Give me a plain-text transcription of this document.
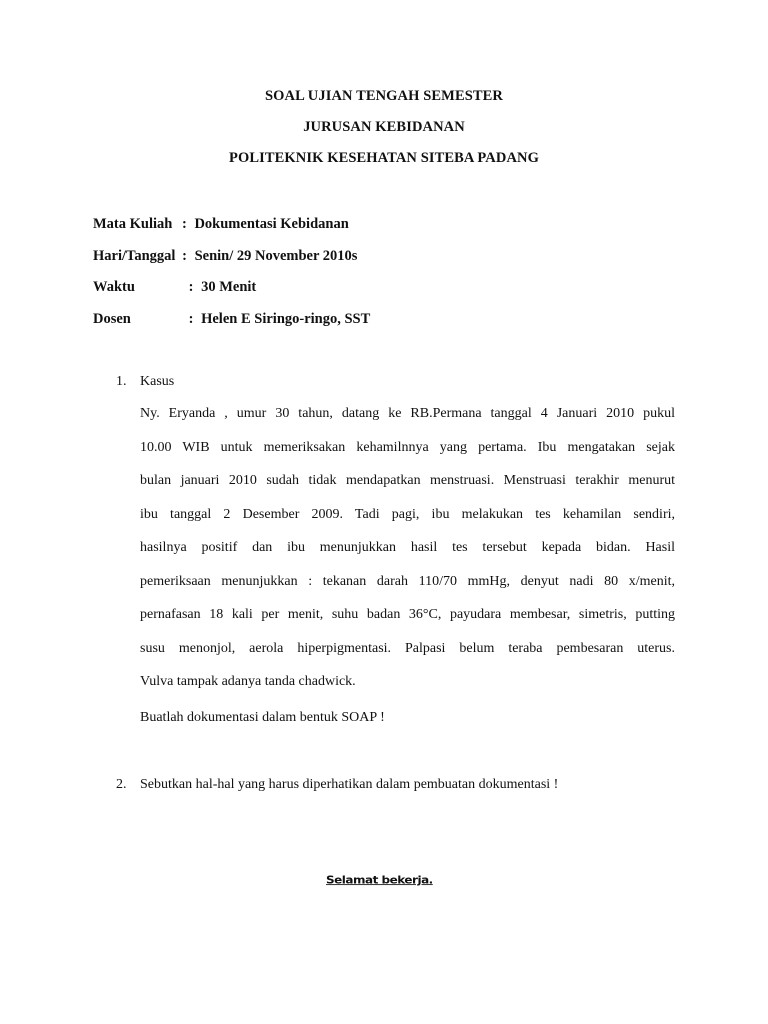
SOAL UJIAN TENGAH SEMESTER
JURUSAN KEBIDANAN
POLITEKNIK KESEHATAN SITEBA PADANG
Mata Kuliah : Dokumentasi Kebidanan
Hari/Tanggal : Senin/ 29 November 2010s
Waktu	: 30 Menit
Dosen	: Helen E Siringo-ringo, SST
1. Kasus
Ny. Eryanda , umur 30 tahun, datang ke RB.Permana tanggal 4 Januari 2010 pukul
10.00 WIB untuk memeriksakan kehamilnnya yang pertama. Ibu mengatakan sejak
bulan januari 2010 sudah tidak mendapatkan menstruasi. Menstruasi terakhir menurut
ibu tanggal 2 Desember 2009. Tadi pagi, ibu melakukan tes kehamilan sendiri,
hasilnya positif dan ibu menunjukkan hasil tes tersebut kepada bidan. Hasil
pemeriksaan menunjukkan : tekanan darah 110/70 mmHg, denyut nadi 80 x/menit,
pernafasan 18 kali per menit, suhu badan 36°C, payudara membesar, simetris, putting
susu menonjol, aerola hiperpigmentasi. Palpasi belum teraba pembesaran uterus.
Vulva tampak adanya tanda chadwick.
Buatlah dokumentasi dalam bentuk SOAP !
2. Sebutkan hal-hal yang harus diperhatikan dalam pembuatan dokumentasi !
Selamat bekerja.
